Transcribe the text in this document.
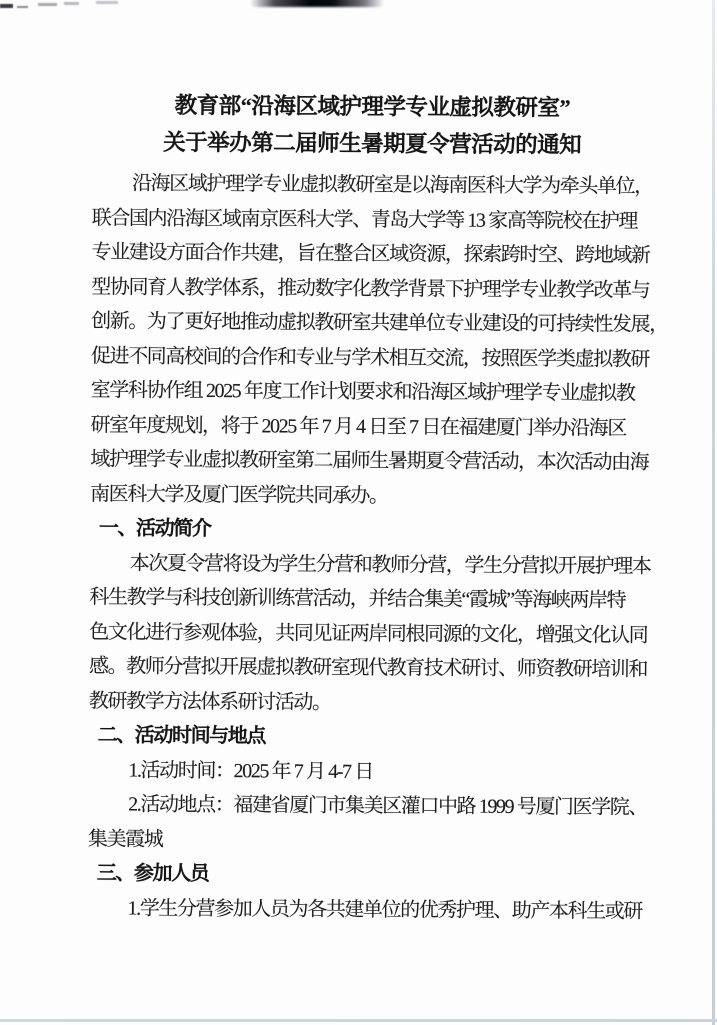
教育部“沿海区域护理学专业虚拟教研室”
关于举办第二届师生暑期夏令营活动的通知
沿海区域护理学专业虚拟教研室是以海南医科大学为牵头单位，
联合国内沿海区域南京医科大学、青岛大学等 13 家高等院校在护理
专业建设方面合作共建，旨在整合区域资源，探索跨时空、跨地域新
型协同育人教学体系，推动数字化教学背景下护理学专业教学改革与
创新。为了更好地推动虚拟教研室共建单位专业建设的可持续性发展，
促进不同高校间的合作和专业与学术相互交流，按照医学类虚拟教研
室学科协作组 2025 年度工作计划要求和沿海区域护理学专业虚拟教
研室年度规划，将于 2025 年 7 月 4 日至 7 日在福建厦门举办沿海区
域护理学专业虚拟教研室第二届师生暑期夏令营活动，本次活动由海
南医科大学及厦门医学院共同承办。
一、活动简介
本次夏令营将设为学生分营和教师分营，学生分营拟开展护理本
科生教学与科技创新训练营活动，并结合集美“霞城”等海峡两岸特
色文化进行参观体验，共同见证两岸同根同源的文化，增强文化认同
感。教师分营拟开展虚拟教研室现代教育技术研讨、师资教研培训和
教研教学方法体系研讨活动。
二、活动时间与地点
1.活动时间：2025 年 7 月 4-7 日
2.活动地点：福建省厦门市集美区灌口中路 1999 号厦门医学院、
集美霞城
三、参加人员
1.学生分营参加人员为各共建单位的优秀护理、助产本科生或研
